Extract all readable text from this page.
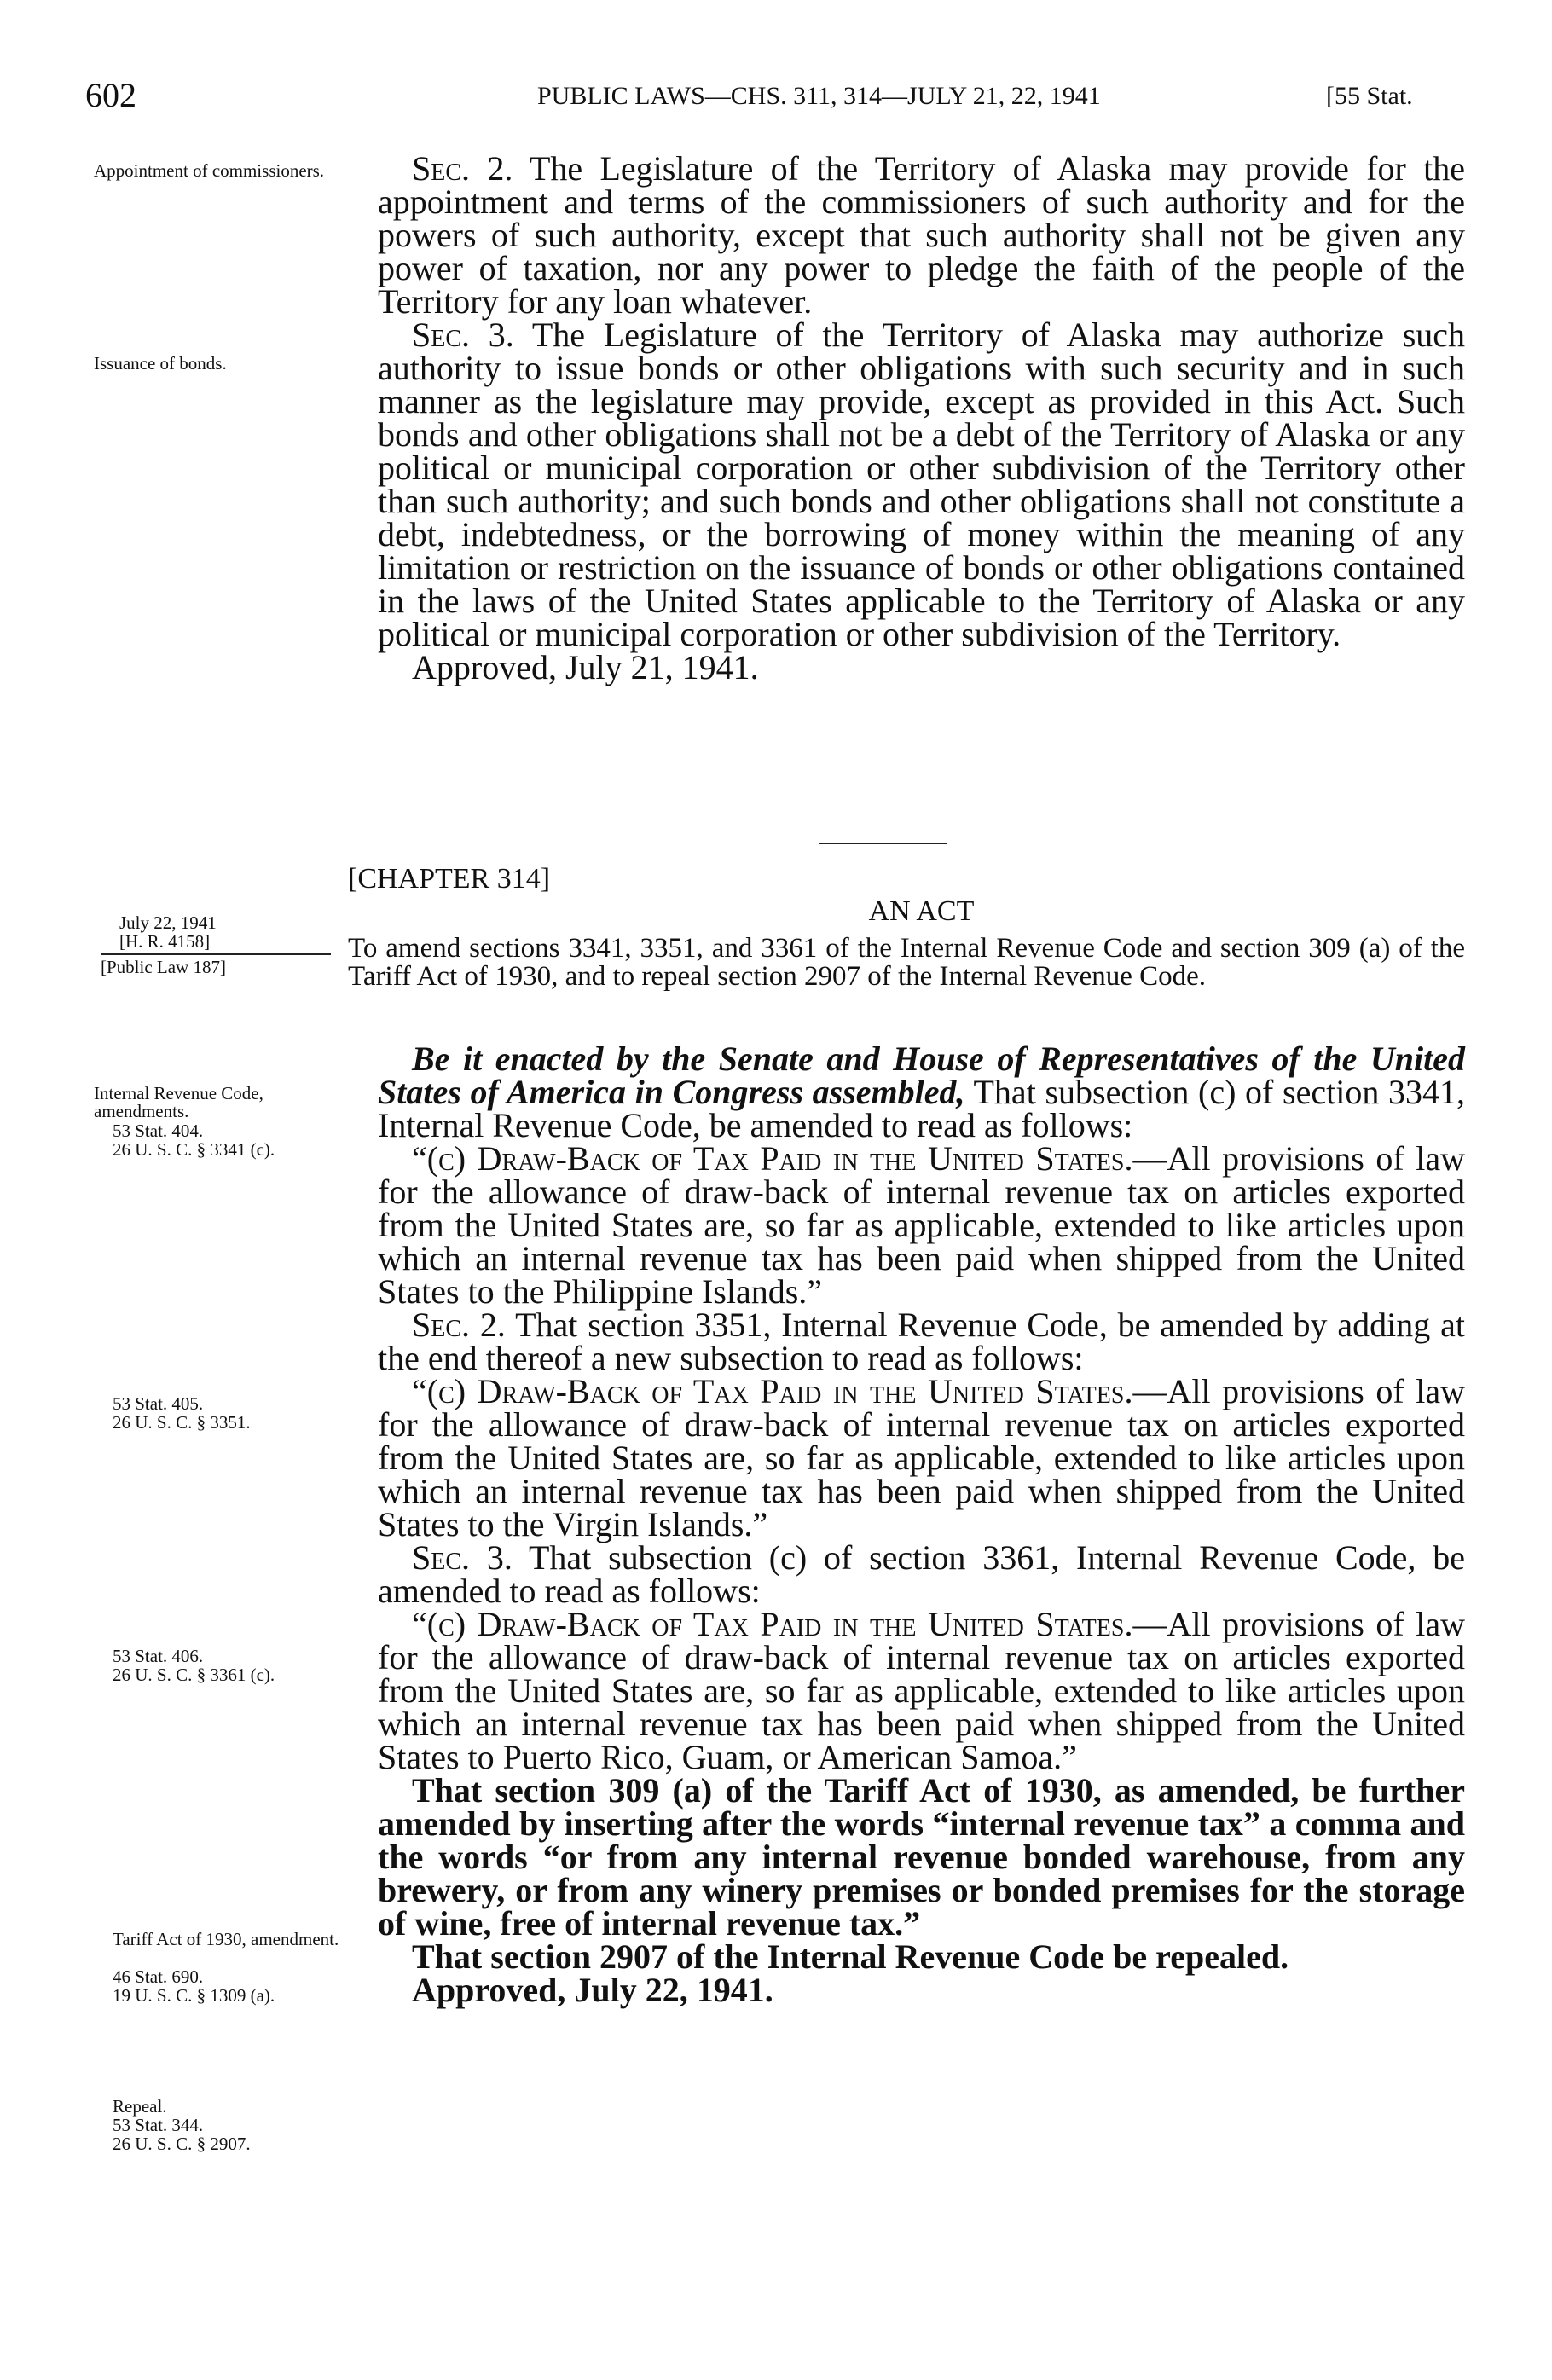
602	PUBLIC LAWS—CHS. 311, 314—JULY 21, 22, 1941	[55 Stat.
Appointment of commissioners.
Issuance of bonds.
July 22, 1941
[H. R. 4158]
[Public Law 187]
Internal Revenue Code, amendments.
53 Stat. 404.
26 U. S. C. § 3341 (c).
53 Stat. 405.
26 U. S. C. § 3351.
53 Stat. 406.
26 U. S. C. § 3361 (c).
Tariff Act of 1930, amendment.
46 Stat. 690.
19 U. S. C. § 1309 (a).
Repeal.
53 Stat. 344.
26 U. S. C. § 2907.

Sec. 2. The Legislature of the Territory of Alaska may provide for the appointment and terms of the commissioners of such authority and for the powers of such authority, except that such authority shall not be given any power of taxation, nor any power to pledge the faith of the people of the Territory for any loan whatever.

Sec. 3. The Legislature of the Territory of Alaska may authorize such authority to issue bonds or other obligations with such security and in such manner as the legislature may provide, except as provided in this Act. Such bonds and other obligations shall not be a debt of the Territory of Alaska or any political or municipal corporation or other subdivision of the Territory other than such authority; and such bonds and other obligations shall not constitute a debt, indebtedness, or the borrowing of money within the meaning of any limitation or restriction on the issuance of bonds or other obligations contained in the laws of the United States applicable to the Territory of Alaska or any political or municipal corporation or other subdivision of the Territory.

Approved, July 21, 1941.

[CHAPTER 314]
AN ACT
To amend sections 3341, 3351, and 3361 of the Internal Revenue Code and section 309 (a) of the Tariff Act of 1930, and to repeal section 2907 of the Internal Revenue Code.

Be it enacted by the Senate and House of Representatives of the United States of America in Congress assembled, That subsection (c) of section 3341, Internal Revenue Code, be amended to read as follows:

“(c) Draw-Back of Tax Paid in the United States.—All provisions of law for the allowance of draw-back of internal revenue tax on articles exported from the United States are, so far as applicable, extended to like articles upon which an internal revenue tax has been paid when shipped from the United States to the Philippine Islands.”

Sec. 2. That section 3351, Internal Revenue Code, be amended by adding at the end thereof a new subsection to read as follows:

“(c) Draw-Back of Tax Paid in the United States.—All provisions of law for the allowance of draw-back of internal revenue tax on articles exported from the United States are, so far as applicable, extended to like articles upon which an internal revenue tax has been paid when shipped from the United States to the Virgin Islands.”

Sec. 3. That subsection (c) of section 3361, Internal Revenue Code, be amended to read as follows:

“(c) Draw-Back of Tax Paid in the United States.—All provisions of law for the allowance of draw-back of internal revenue tax on articles exported from the United States are, so far as applicable, extended to like articles upon which an internal revenue tax has been paid when shipped from the United States to Puerto Rico, Guam, or American Samoa.”

That section 309 (a) of the Tariff Act of 1930, as amended, be further amended by inserting after the words “internal revenue tax” a comma and the words “or from any internal revenue bonded warehouse, from any brewery, or from any winery premises or bonded premises for the storage of wine, free of internal revenue tax.”

That section 2907 of the Internal Revenue Code be repealed.

Approved, July 22, 1941.
